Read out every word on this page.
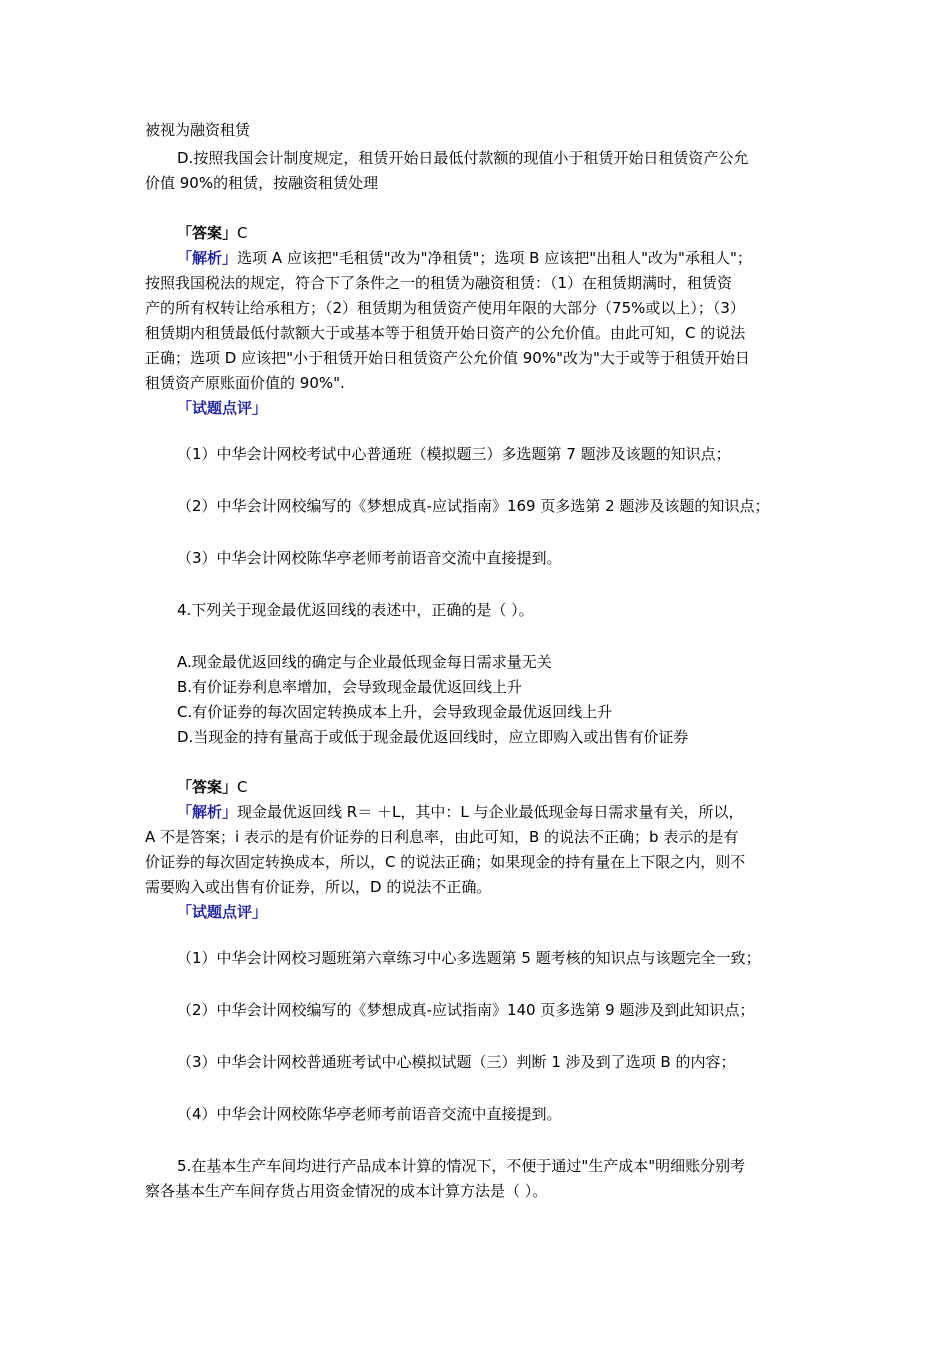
被视为融资租赁

D.按照我国会计制度规定，租赁开始日最低付款额的现值小于租赁开始日租赁资产公允

价值 90%的租赁，按融资租赁处理

「答案」C

「解析」选项 A 应该把"毛租赁"改为"净租赁"；选项 B 应该把"出租人"改为"承租人"；

按照我国税法的规定，符合下了条件之一的租赁为融资租赁：（1）在租赁期满时，租赁资

产的所有权转让给承租方；（2）租赁期为租赁资产使用年限的大部分（75%或以上）；（3）

租赁期内租赁最低付款额大于或基本等于租赁开始日资产的公允价值。由此可知，C 的说法

正确；选项 D 应该把"小于租赁开始日租赁资产公允价值 90%"改为"大于或等于租赁开始日

租赁资产原账面价值的 90%".

「试题点评」

（1）中华会计网校考试中心普通班（模拟题三）多选题第 7 题涉及该题的知识点；

（2）中华会计网校编写的《梦想成真-应试指南》169 页多选第 2 题涉及该题的知识点；

（3）中华会计网校陈华亭老师考前语音交流中直接提到。

4.下列关于现金最优返回线的表述中，正确的是（ ）。

A.现金最优返回线的确定与企业最低现金每日需求量无关

B.有价证券利息率增加，会导致现金最优返回线上升

C.有价证券的每次固定转换成本上升，会导致现金最优返回线上升

D.当现金的持有量高于或低于现金最优返回线时，应立即购入或出售有价证券

「答案」C

「解析」现金最优返回线 R＝ ＋L，其中：L 与企业最低现金每日需求量有关，所以，

A 不是答案；i 表示的是有价证券的日利息率，由此可知，B 的说法不正确；b 表示的是有

价证券的每次固定转换成本，所以，C 的说法正确；如果现金的持有量在上下限之内，则不

需要购入或出售有价证券，所以，D 的说法不正确。

「试题点评」

（1）中华会计网校习题班第六章练习中心多选题第 5 题考核的知识点与该题完全一致；

（2）中华会计网校编写的《梦想成真-应试指南》140 页多选第 9 题涉及到此知识点；

（3）中华会计网校普通班考试中心模拟试题（三）判断 1 涉及到了选项 B 的内容；

（4）中华会计网校陈华亭老师考前语音交流中直接提到。

5.在基本生产车间均进行产品成本计算的情况下，不便于通过"生产成本"明细账分别考

察各基本生产车间存货占用资金情况的成本计算方法是（ ）。
